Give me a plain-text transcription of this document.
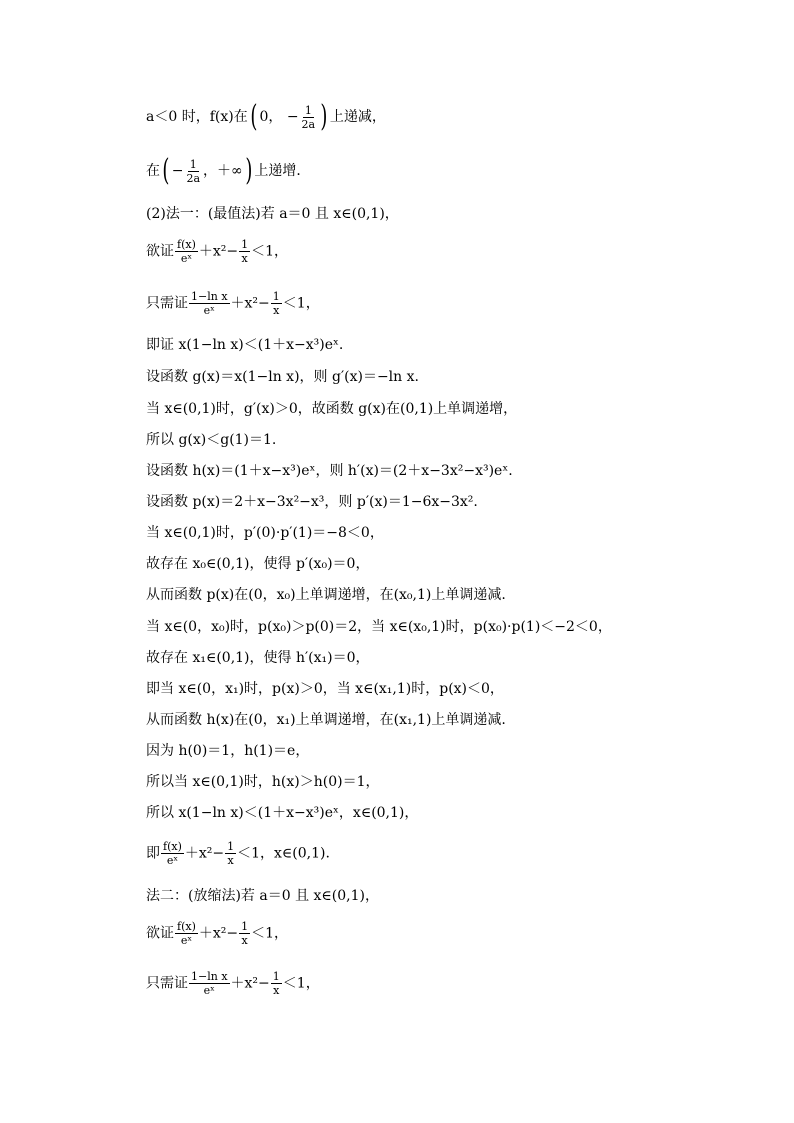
a＜0 时，f(x)在( 0， − $\frac{1}{2a}$ ) 上递减，
在( − $\frac{1}{2a}$ ，＋∞) 上递增．
(2)法一：(最值法)若 a＝0 且 x∈(0,1)，
欲证 $\frac{f(x)}{\text{eˣ}} +x^2- \frac{1}{x} <1$，
只需证 $\frac{\text{1−ln x}}{\text{eˣ}} +x^2- \frac{1}{x} <1$，
即证 x(1−ln x)＜(1＋x−x³)eˣ.
设函数 g(x)＝x(1−ln x)，则 g′(x)＝−ln x.
当 x∈(0,1)时，g′(x)＞0，故函数 g(x)在(0,1)上单调递增，
所以 g(x)＜g(1)＝1.
设函数 h(x)＝(1＋x−x³)eˣ，则 h′(x)＝(2＋x−3x²−x³)eˣ.
设函数 p(x)＝2＋x−3x²−x³，则 p′(x)＝1−6x−3x².
当 x∈(0,1)时，p′(0)·p′(1)＝−8＜0，
故存在 x₀∈(0,1)，使得 p′(x₀)＝0，
从而函数 p(x)在(0，x₀)上单调递增，在(x₀,1)上单调递减.
当 x∈(0，x₀)时，p(x₀)＞p(0)＝2，当 x∈(x₀,1)时，p(x₀)·p(1)＜−2＜0，
故存在 x₁∈(0,1)，使得 h′(x₁)＝0，
即当 x∈(0，x₁)时，p(x)＞0，当 x∈(x₁,1)时，p(x)＜0，
从而函数 h(x)在(0，x₁)上单调递增，在(x₁,1)上单调递减.
因为 h(0)＝1，h(1)＝e，
所以当 x∈(0,1)时，h(x)＞h(0)＝1，
所以 x(1−ln x)＜(1＋x−x³)eˣ，x∈(0,1)，
即 $\frac{f(x)}{\text{eˣ}} +x^2- \frac{1}{x} <1$，x∈(0,1).
法二：(放缩法)若 a＝0 且 x∈(0,1)，
欲证 $\frac{f(x)}{\text{eˣ}} +x^2- \frac{1}{x} <1$，
只需证 $\frac{\text{1−ln x}}{\text{eˣ}} +x^2- \frac{1}{x} <1$，
